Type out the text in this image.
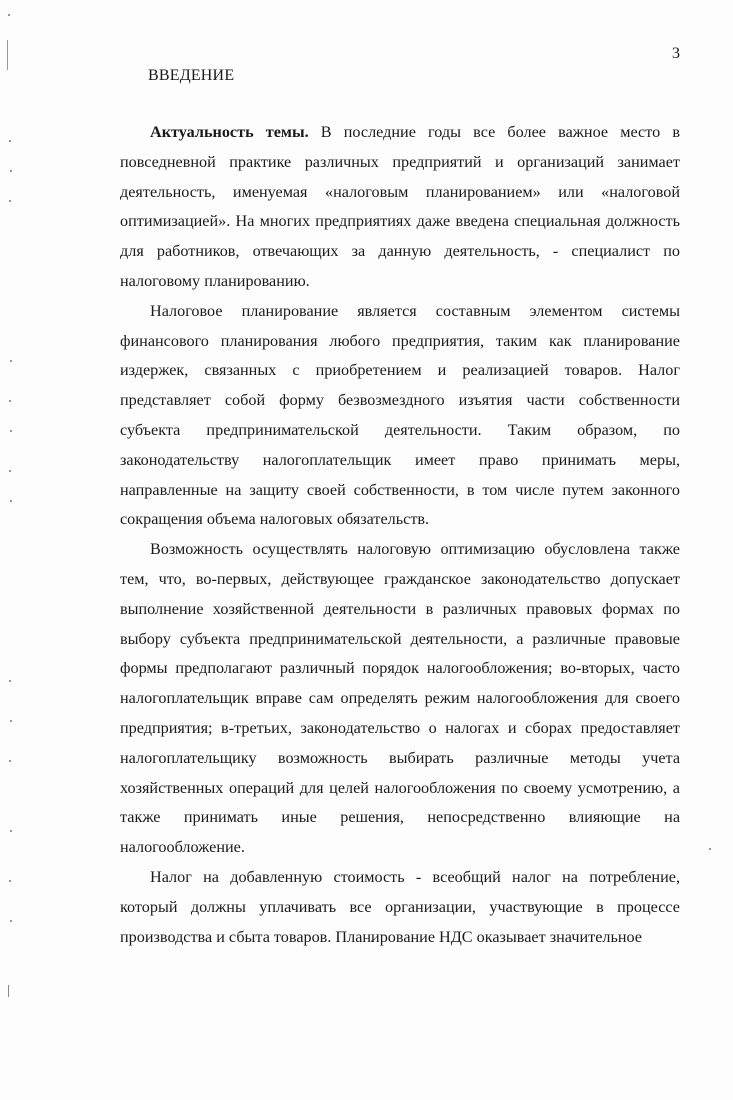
3
ВВЕДЕНИЕ

Актуальность темы. В последние годы все более важное место в повседневной практике различных предприятий и организаций занимает деятельность, именуемая «налоговым планированием» или «налоговой оптимизацией». На многих предприятиях даже введена специальная должность для работников, отвечающих за данную деятельность, - специалист по налоговому планированию.

Налоговое планирование является составным элементом системы финансового планирования любого предприятия, таким как планирование издержек, связанных с приобретением и реализацией товаров. Налог представляет собой форму безвозмездного изъятия части собственности субъекта предпринимательской деятельности. Таким образом, по законодательству налогоплательщик имеет право принимать меры, направленные на защиту своей собственности, в том числе путем законного сокращения объема налоговых обязательств.

Возможность осуществлять налоговую оптимизацию обусловлена также тем, что, во-первых, действующее гражданское законодательство допускает выполнение хозяйственной деятельности в различных правовых формах по выбору субъекта предпринимательской деятельности, а различные правовые формы предполагают различный порядок налогообложения; во-вторых, часто налогоплательщик вправе сам определять режим налогообложения для своего предприятия; в-третьих, законодательство о налогах и сборах предоставляет налогоплательщику возможность выбирать различные методы учета хозяйственных операций для целей налогообложения по своему усмотрению, а также принимать иные решения, непосредственно влияющие на налогообложение.

Налог на добавленную стоимость - всеобщий налог на потребление, который должны уплачивать все организации, участвующие в процессе производства и сбыта товаров. Планирование НДС оказывает значительное
